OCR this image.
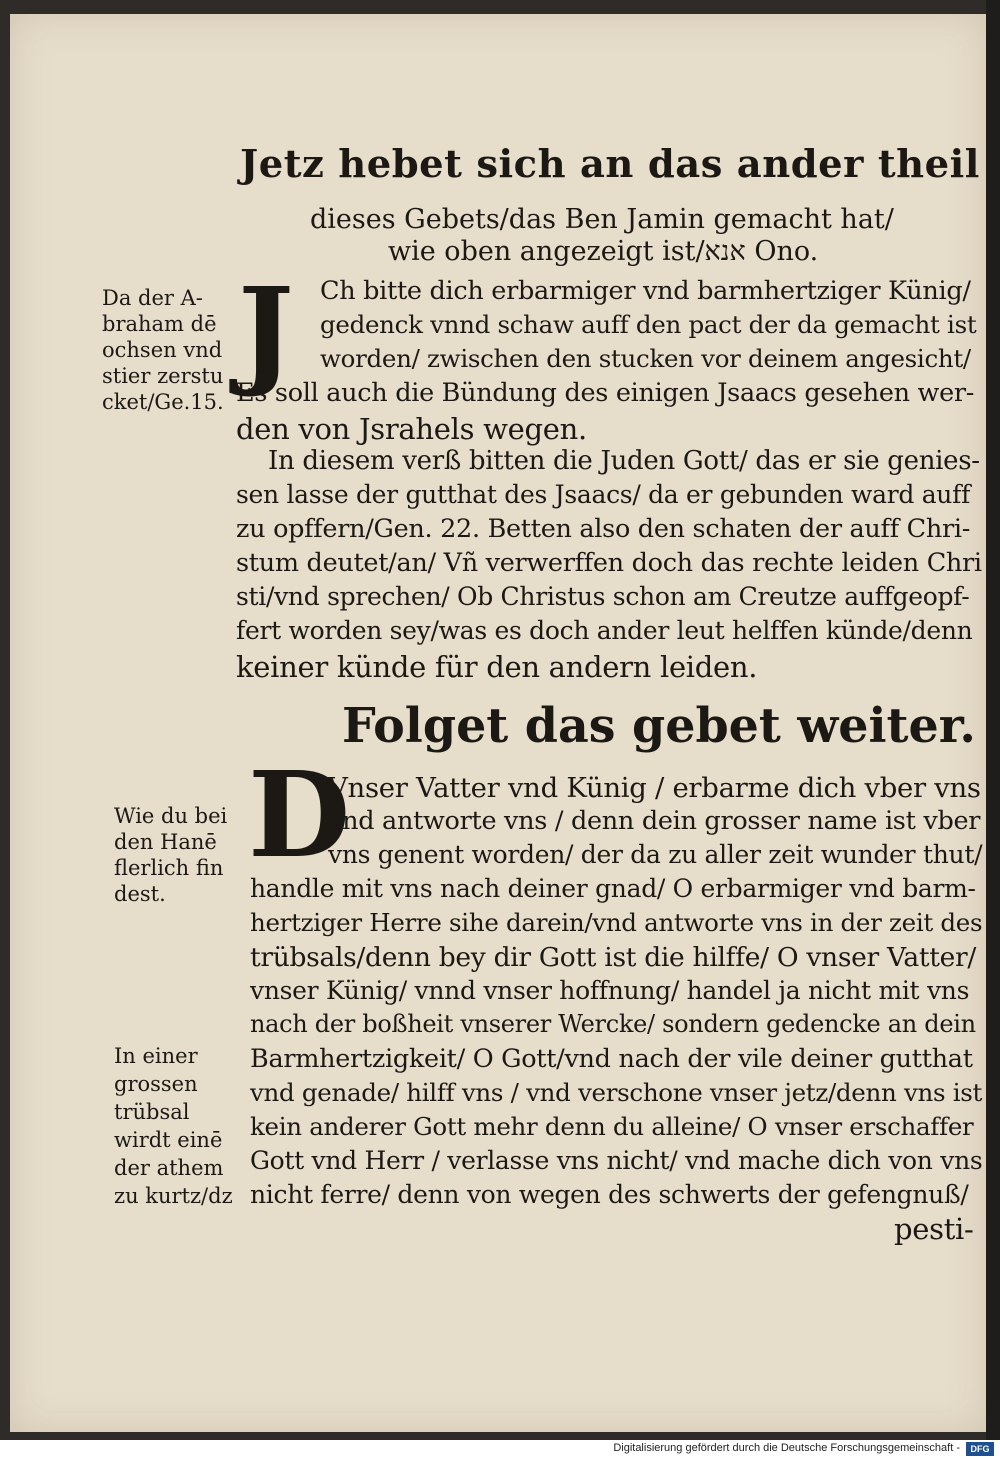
Jetz hebet sich an das ander theil
dieses Gebets/das Ben Jamin gemacht hat/
wie oben angezeigt ist/אנא Ono.
J Ch bitte dich erbarmiger vnd barmhertziger Künig/
gedenck vnnd schaw auff den pact der da gemacht ist
worden/ zwischen den stucken vor deinem angesicht/
Es soll auch die Bündung des einigen Jsaacs gesehen wer-
den von Jsrahels wegen.
In diesem verß bitten die Juden Gott/ das er sie genies-
sen lasse der gutthat des Jsaacs/ da er gebunden ward auff
zu opffern/Gen. 22. Betten also den schaten der auff Chri-
stum deutet/an/ Vñ verwerffen doch das rechte leiden Chri
sti/vnd sprechen/ Ob Christus schon am Creutze auffgeopf-
fert worden sey/was es doch ander leut helffen künde/denn
keiner künde für den andern leiden.
Da der A-
braham dē
ochsen vnd
stier zerstu
cket/Ge.15.
Folget das gebet weiter.
D
Vnser Vatter vnd Künig / erbarme dich vber vns
vnd antworte vns / denn dein grosser name ist vber
vns genent worden/ der da zu aller zeit wunder thut/
handle mit vns nach deiner gnad/ O erbarmiger vnd barm-
hertziger Herre sihe darein/vnd antworte vns in der zeit des
trübsals/denn bey dir Gott ist die hilffe/ O vnser Vatter/
vnser Künig/ vnnd vnser hoffnung/ handel ja nicht mit vns
nach der boßheit vnserer Wercke/ sondern gedencke an dein
Barmhertzigkeit/ O Gott/vnd nach der vile deiner gutthat
vnd genade/ hilff vns / vnd verschone vnser jetz/denn vns ist
kein anderer Gott mehr denn du alleine/ O vnser erschaffer
Gott vnd Herr / verlasse vns nicht/ vnd mache dich von vns
nicht ferre/ denn von wegen des schwerts der gefengnuß/
pesti-
Wie du bei
den Hanē
flerlich fin
dest.
In einer
grossen
trübsal
wirdt einē
der athem
zu kurtz/dz
Digitalisierung gefördert durch die Deutsche Forschungsgemeinschaft -	DFG
